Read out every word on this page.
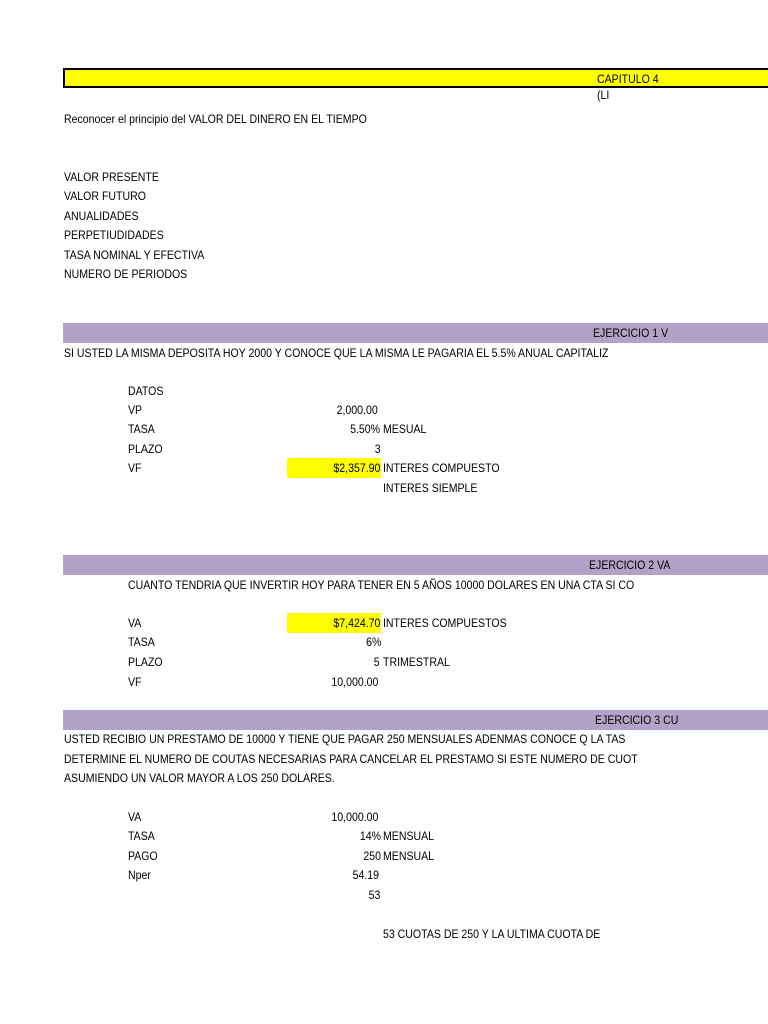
CAPITULO 4 (LI
Reconocer el principio del VALOR DEL DINERO EN EL TIEMPO
VALOR PRESENTE
VALOR FUTURO
ANUALIDADES
PERPETIUDIDADES
TASA NOMINAL Y EFECTIVA
NUMERO DE PERIODOS
EJERCICIO 1 V
SI USTED LA MISMA DEPOSITA HOY 2000 Y CONOCE QUE LA MISMA LE PAGARIA EL 5.5% ANUAL CAPITALIZ
DATOS
VP	2,000.00
TASA	5.50% MESUAL
PLAZO	3
VF	$2,357.90 INTERES COMPUESTO
INTERES SIEMPLE
EJERCICIO 2 VA
CUANTO TENDRIA QUE INVERTIR HOY PARA TENER EN 5 AÑOS 10000 DOLARES EN UNA CTA SI CO
VA	$7,424.70 INTERES COMPUESTOS
TASA	6%
PLAZO	5 TRIMESTRAL
VF	10,000.00
EJERCICIO 3 CU
USTED RECIBIO UN PRESTAMO DE 10000 Y TIENE QUE PAGAR 250 MENSUALES ADENMAS CONOCE Q LA TAS
DETERMINE EL NUMERO DE COUTAS NECESARIAS PARA CANCELAR EL PRESTAMO SI ESTE NUMERO DE CUOT
ASUMIENDO UN VALOR MAYOR A LOS 250 DOLARES.
VA	10,000.00
TASA	14% MENSUAL
PAGO	250 MENSUAL
Nper	54.19
53
53 CUOTAS DE 250 Y LA ULTIMA CUOTA DE
